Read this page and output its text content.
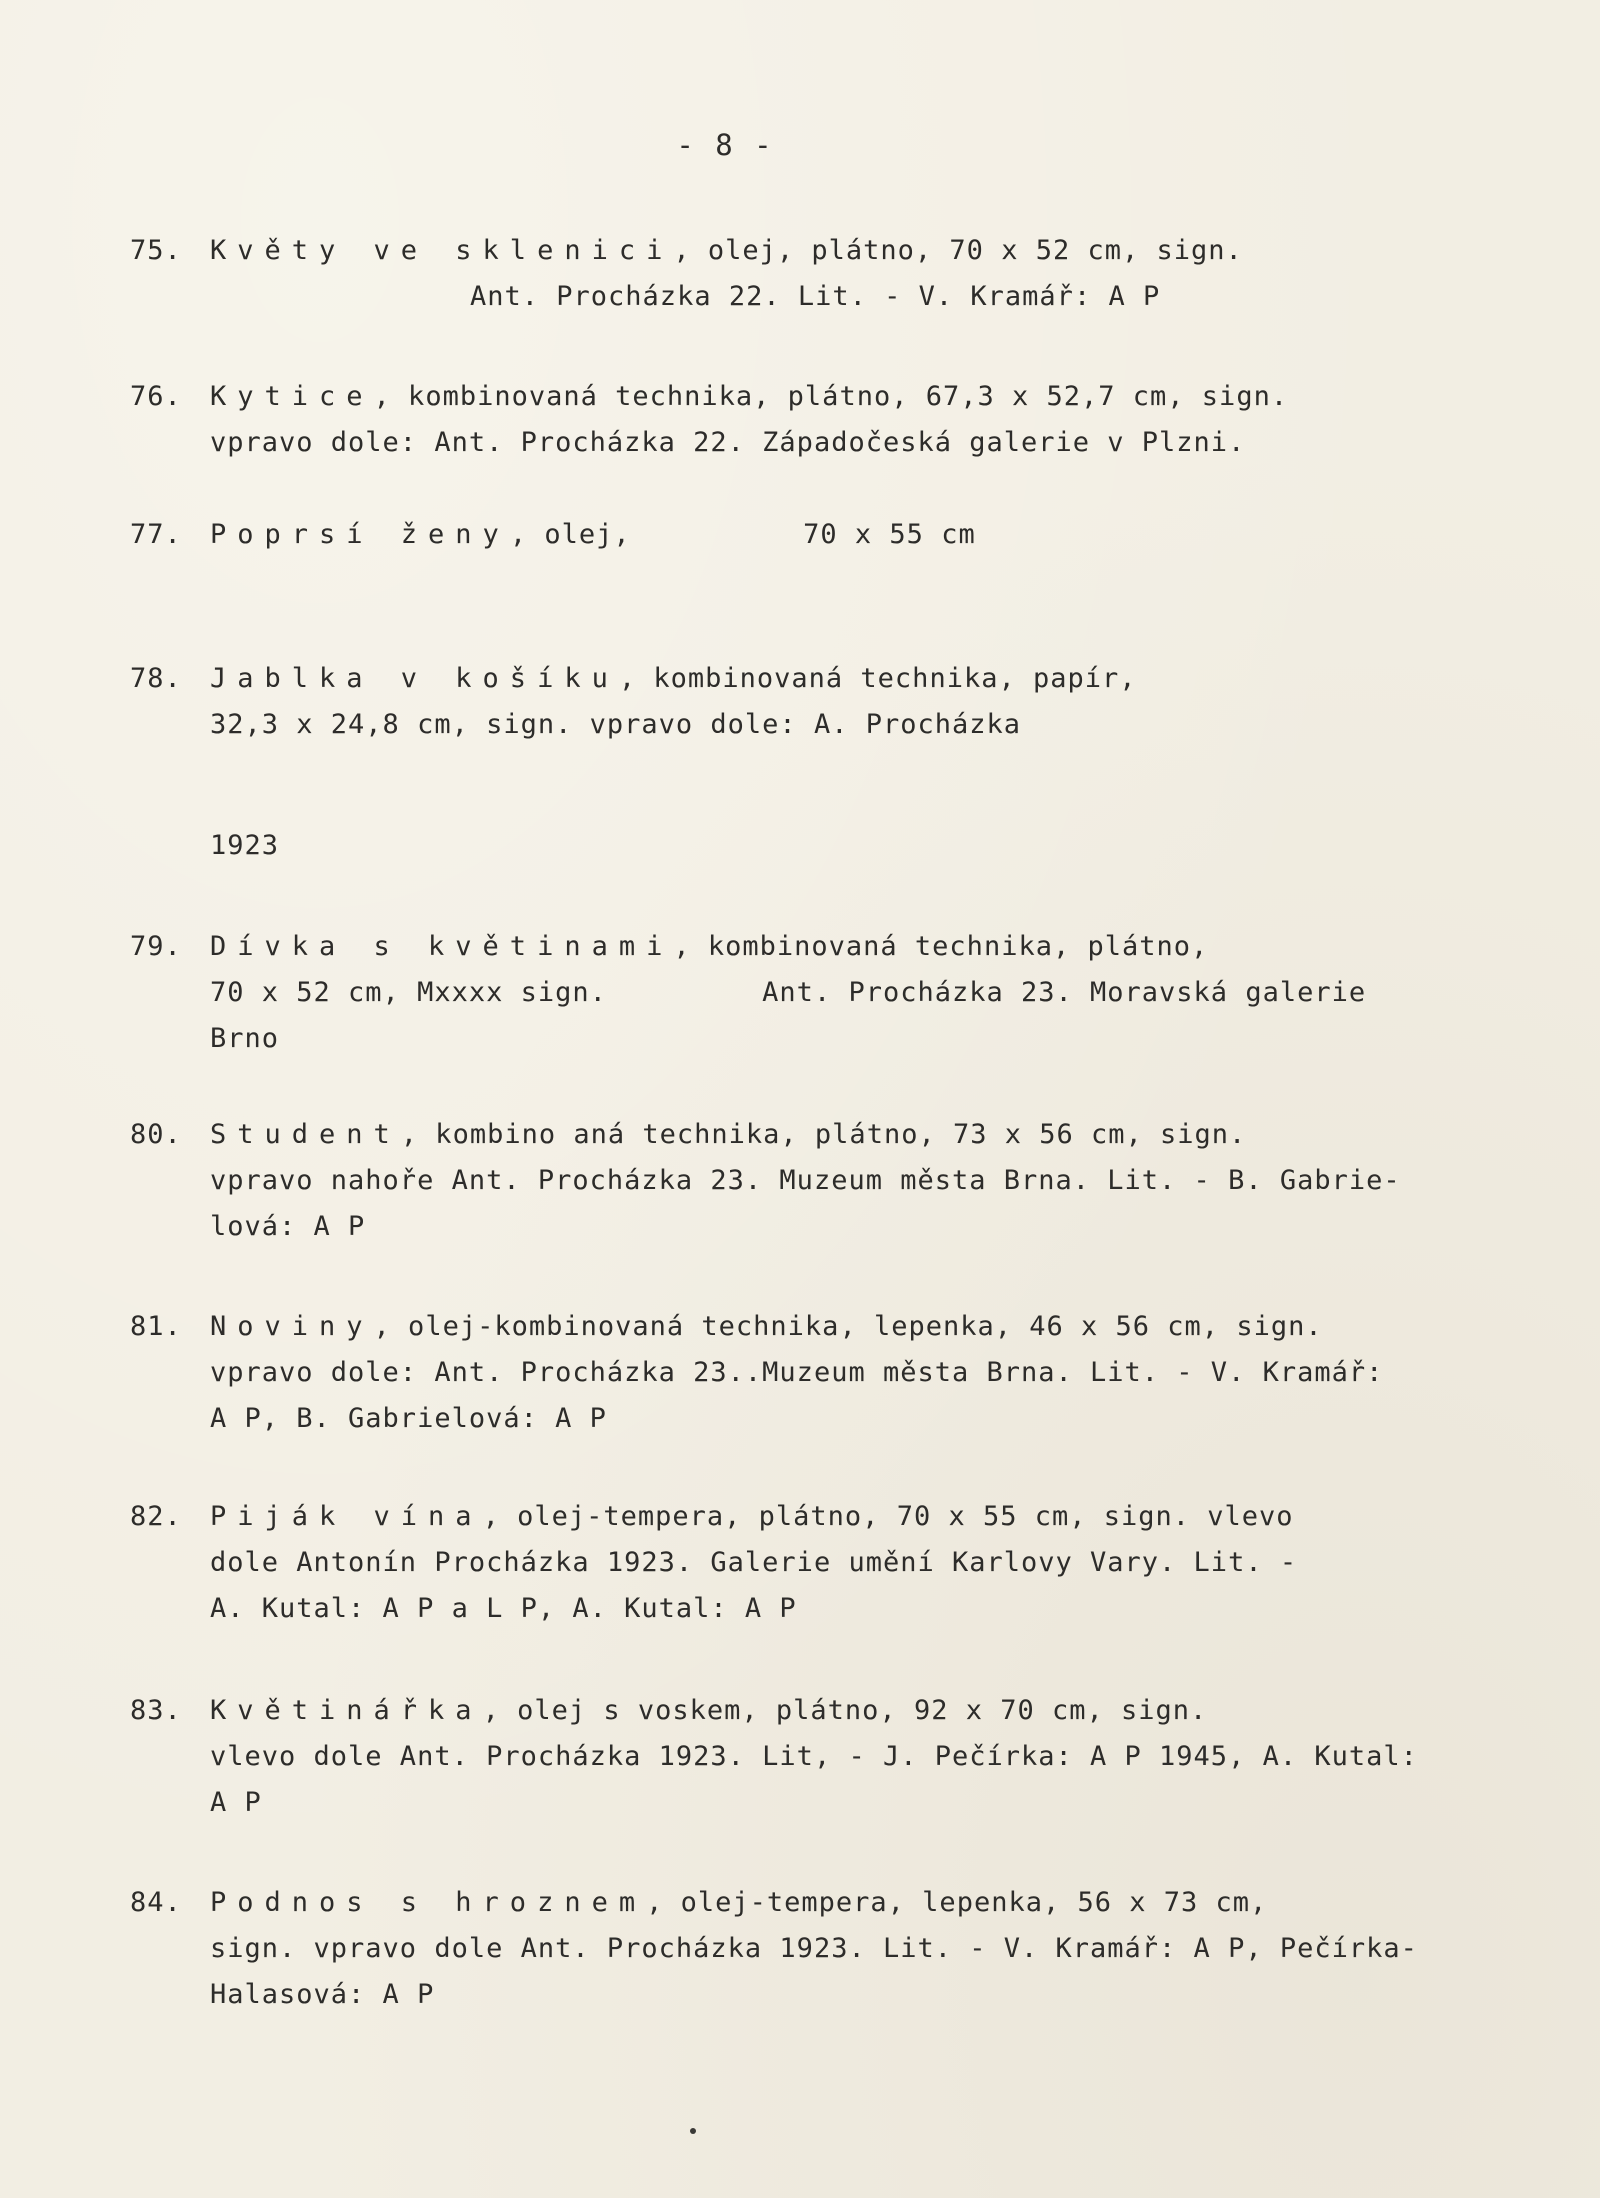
- 8 -
75. Květy ve sklenici, olej, plátno, 70 x 52 cm, sign.
Ant. Procházka 22. Lit. - V. Kramář: A P
76. Kytice, kombinovaná technika, plátno, 67,3 x 52,7 cm, sign.
vpravo dole: Ant. Procházka 22. Západočeská galerie v Plzni.
77. Poprsí ženy, olej,          70 x 55 cm
78. Jablka v košíku, kombinovaná technika, papír,
32,3 x 24,8 cm, sign. vpravo dole: A. Procházka
1923
79. Dívka s květinami, kombinovaná technika, plátno,
70 x 52 cm, Mxxxx sign.         Ant. Procházka 23. Moravská galerie
Brno
80. Student, kombino aná technika, plátno, 73 x 56 cm, sign.
vpravo nahoře Ant. Procházka 23. Muzeum města Brna. Lit. - B. Gabrie-
lová: A P
81. Noviny, olej-kombinovaná technika, lepenka, 46 x 56 cm, sign.
vpravo dole: Ant. Procházka 23..Muzeum města Brna. Lit. - V. Kramář:
A P, B. Gabrielová: A P
82. Piják vína, olej-tempera, plátno, 70 x 55 cm, sign. vlevo
dole Antonín Procházka 1923. Galerie umění Karlovy Vary. Lit. -
A. Kutal: A P a L P, A. Kutal: A P
83. Květinářka, olej s voskem, plátno, 92 x 70 cm, sign.
vlevo dole Ant. Procházka 1923. Lit, - J. Pečírka: A P 1945, A. Kutal:
A P
84. Podnos s hroznem, olej-tempera, lepenka, 56 x 73 cm,
sign. vpravo dole Ant. Procházka 1923. Lit. - V. Kramář: A P, Pečírka-
Halasová: A P
